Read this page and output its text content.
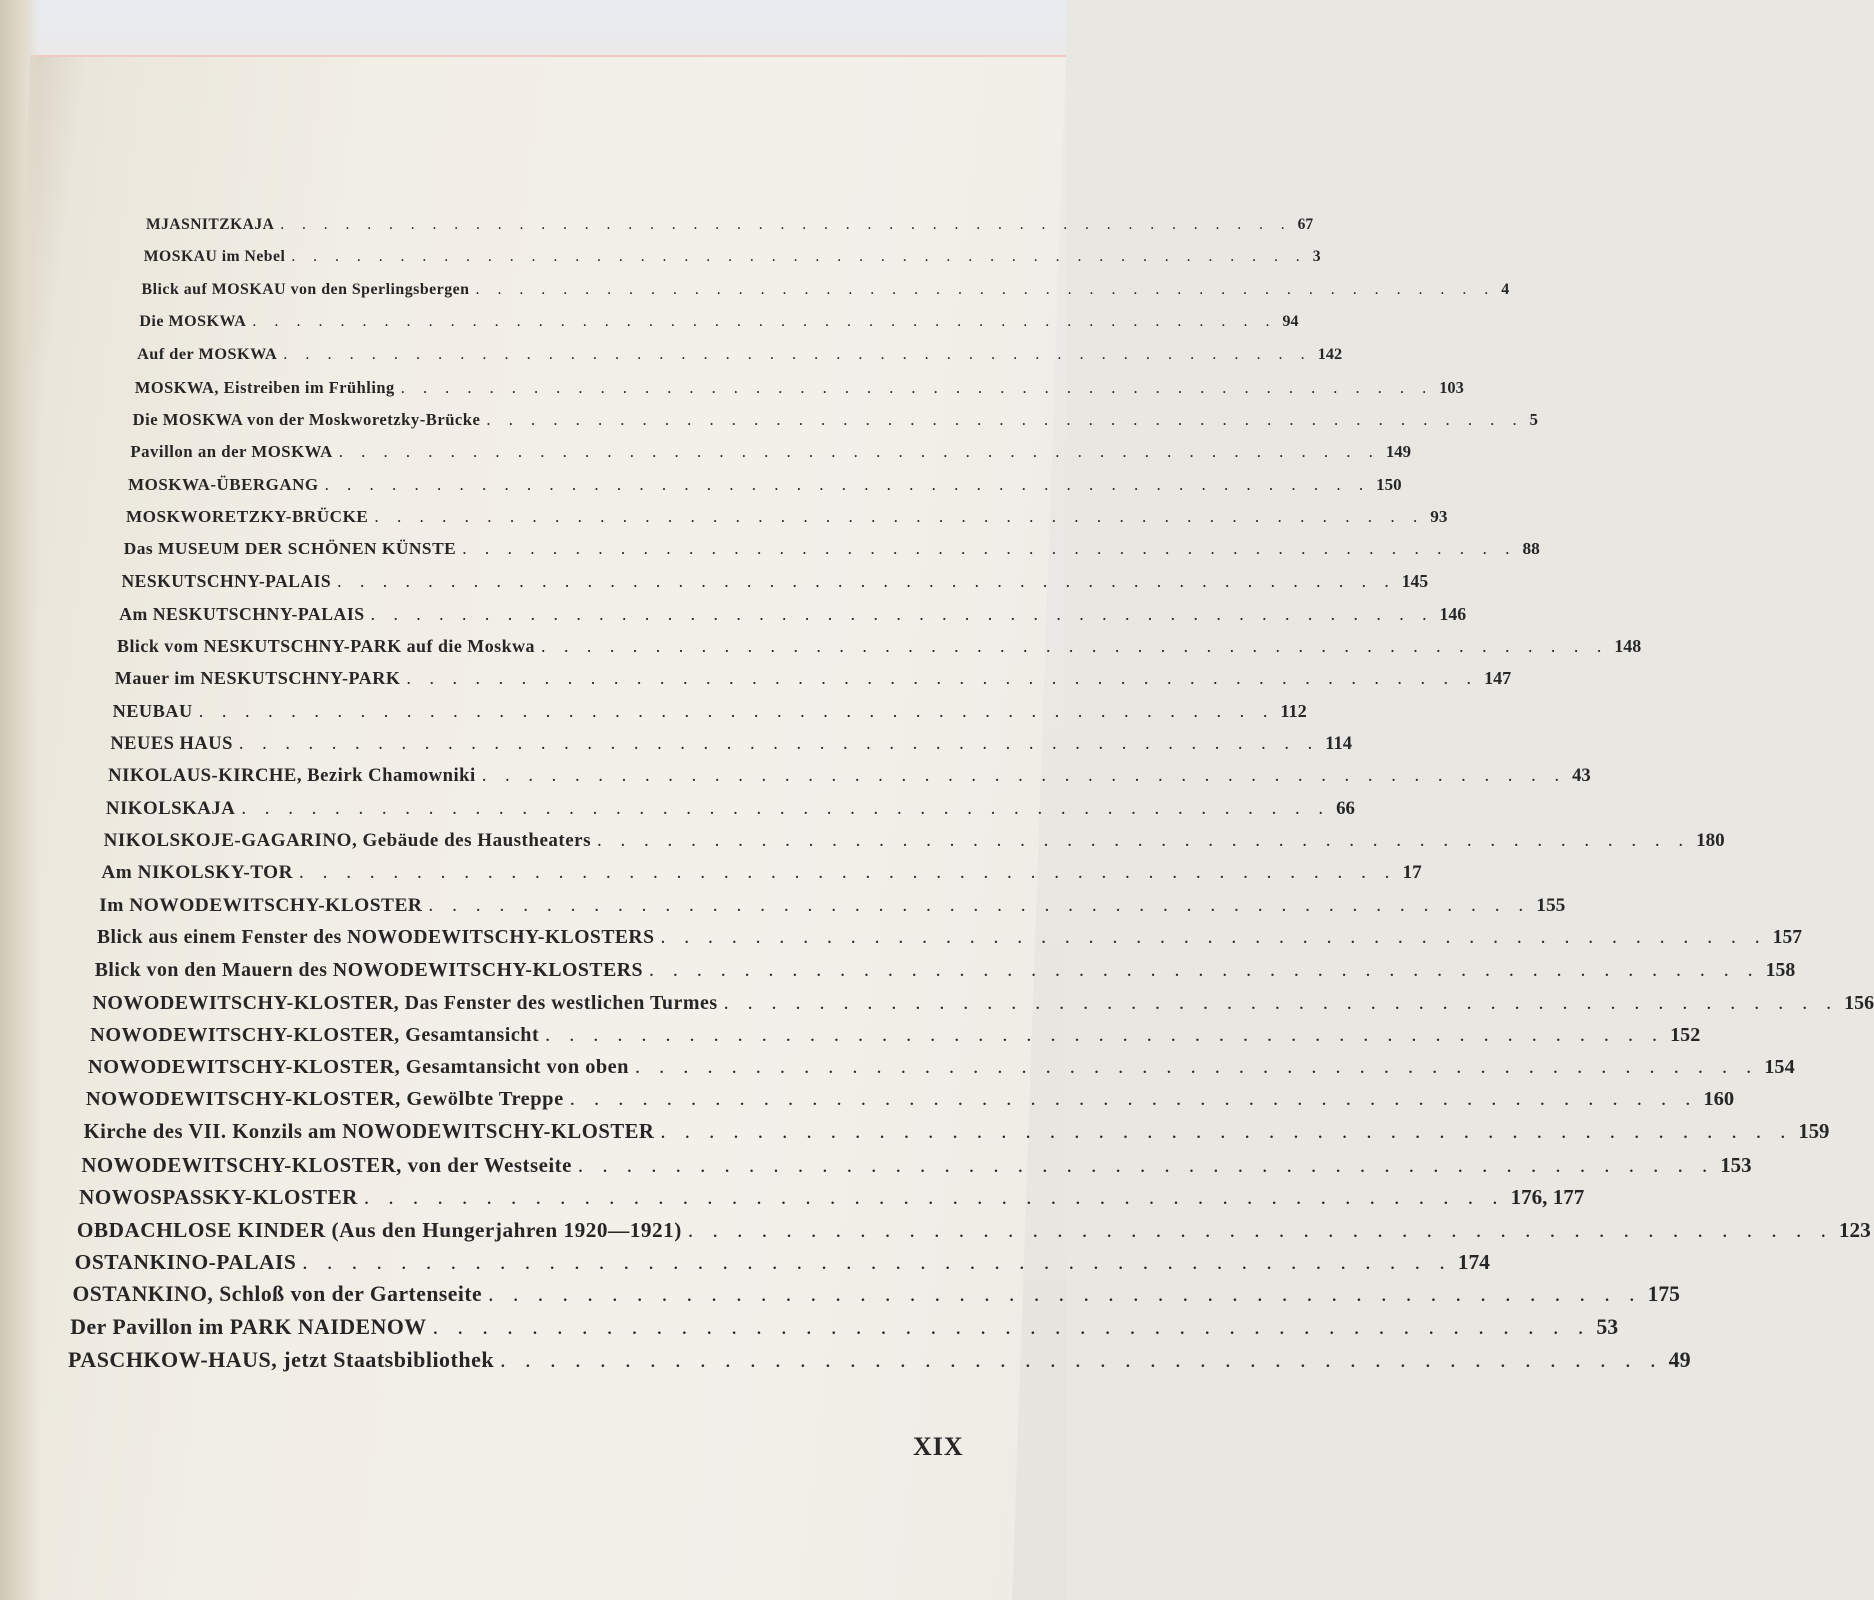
MJASNITZKAJA . . . . . . . . . . . . . . . . . . . . . . . . . . . . . . . . . . . . . . . . . . . . . . . 67
MOSKAU im Nebel . . . . . . . . . . . . . . . . . . . . . . . . . . . . . . . . . . . . . . . . . . . . . . . 3
Blick auf MOSKAU von den Sperlingsbergen . . . . . . . . . . . . . . . . . . . . . . . . . . . . . . . . . . . . . . . . . . . . . . . 4
Die MOSKWA . . . . . . . . . . . . . . . . . . . . . . . . . . . . . . . . . . . . . . . . . . . . . . . 94
Auf der MOSKWA . . . . . . . . . . . . . . . . . . . . . . . . . . . . . . . . . . . . . . . . . . . . . . . 142
MOSKWA, Eistreiben im Frühling . . . . . . . . . . . . . . . . . . . . . . . . . . . . . . . . . . . . . . . . . . . . . . . 103
Die MOSKWA von der Moskworetzky-Brücke . . . . . . . . . . . . . . . . . . . . . . . . . . . . . . . . . . . . . . . . . . . . . . . 5
Pavillon an der MOSKWA . . . . . . . . . . . . . . . . . . . . . . . . . . . . . . . . . . . . . . . . . . . . . . . 149
MOSKWA-ÜBERGANG . . . . . . . . . . . . . . . . . . . . . . . . . . . . . . . . . . . . . . . . . . . . . . . 150
MOSKWORETZKY-BRÜCKE . . . . . . . . . . . . . . . . . . . . . . . . . . . . . . . . . . . . . . . . . . . . . . . 93
Das MUSEUM DER SCHÖNEN KÜNSTE . . . . . . . . . . . . . . . . . . . . . . . . . . . . . . . . . . . . . . . . . . . . . . . 88
NESKUTSCHNY-PALAIS . . . . . . . . . . . . . . . . . . . . . . . . . . . . . . . . . . . . . . . . . . . . . . . 145
Am NESKUTSCHNY-PALAIS . . . . . . . . . . . . . . . . . . . . . . . . . . . . . . . . . . . . . . . . . . . . . . . 146
Blick vom NESKUTSCHNY-PARK auf die Moskwa . . . . . . . . . . . . . . . . . . . . . . . . . . . . . . . . . . . . . . . . . . . . . . . 148
Mauer im NESKUTSCHNY-PARK . . . . . . . . . . . . . . . . . . . . . . . . . . . . . . . . . . . . . . . . . . . . . . . 147
NEUBAU . . . . . . . . . . . . . . . . . . . . . . . . . . . . . . . . . . . . . . . . . . . . . . . 112
NEUES HAUS . . . . . . . . . . . . . . . . . . . . . . . . . . . . . . . . . . . . . . . . . . . . . . . 114
NIKOLAUS-KIRCHE, Bezirk Chamowniki . . . . . . . . . . . . . . . . . . . . . . . . . . . . . . . . . . . . . . . . . . . . . . . 43
NIKOLSKAJA . . . . . . . . . . . . . . . . . . . . . . . . . . . . . . . . . . . . . . . . . . . . . . . 66
NIKOLSKOJE-GAGARINO, Gebäude des Haustheaters . . . . . . . . . . . . . . . . . . . . . . . . . . . . . . . . . . . . . . . . . . . . . . . 180
Am NIKOLSKY-TOR . . . . . . . . . . . . . . . . . . . . . . . . . . . . . . . . . . . . . . . . . . . . . . . 17
Im NOWODEWITSCHY-KLOSTER . . . . . . . . . . . . . . . . . . . . . . . . . . . . . . . . . . . . . . . . . . . . . . . 155
Blick aus einem Fenster des NOWODEWITSCHY-KLOSTERS . . . . . . . . . . . . . . . . . . . . . . . . . . . . . . . . . . . . . . . . . . . . . . . 157
Blick von den Mauern des NOWODEWITSCHY-KLOSTERS . . . . . . . . . . . . . . . . . . . . . . . . . . . . . . . . . . . . . . . . . . . . . . . 158
NOWODEWITSCHY-KLOSTER, Das Fenster des westlichen Turmes . . . . . . . . . . . . . . . . . . . . . . . . . . . . . . . . . . . . . . . . . . . . . . . 156
NOWODEWITSCHY-KLOSTER, Gesamtansicht . . . . . . . . . . . . . . . . . . . . . . . . . . . . . . . . . . . . . . . . . . . . . . . 152
NOWODEWITSCHY-KLOSTER, Gesamtansicht von oben . . . . . . . . . . . . . . . . . . . . . . . . . . . . . . . . . . . . . . . . . . . . . . . 154
NOWODEWITSCHY-KLOSTER, Gewölbte Treppe . . . . . . . . . . . . . . . . . . . . . . . . . . . . . . . . . . . . . . . . . . . . . . . 160
Kirche des VII. Konzils am NOWODEWITSCHY-KLOSTER . . . . . . . . . . . . . . . . . . . . . . . . . . . . . . . . . . . . . . . . . . . . . . . 159
NOWODEWITSCHY-KLOSTER, von der Westseite . . . . . . . . . . . . . . . . . . . . . . . . . . . . . . . . . . . . . . . . . . . . . . . 153
NOWOSPASSKY-KLOSTER . . . . . . . . . . . . . . . . . . . . . . . . . . . . . . . . . . . . . . . . . . . . . . . 176, 177
OBDACHLOSE KINDER (Aus den Hungerjahren 1920—1921) . . . . . . . . . . . . . . . . . . . . . . . . . . . . . . . . . . . . . . . . . . . . . . . 123
OSTANKINO-PALAIS . . . . . . . . . . . . . . . . . . . . . . . . . . . . . . . . . . . . . . . . . . . . . . . 174
OSTANKINO, Schloß von der Gartenseite . . . . . . . . . . . . . . . . . . . . . . . . . . . . . . . . . . . . . . . . . . . . . . . 175
Der Pavillon im PARK NAIDENOW . . . . . . . . . . . . . . . . . . . . . . . . . . . . . . . . . . . . . . . . . . . . . . . 53
PASCHKOW-HAUS, jetzt Staatsbibliothek . . . . . . . . . . . . . . . . . . . . . . . . . . . . . . . . . . . . . . . . . . . . . . . 49
XIX
